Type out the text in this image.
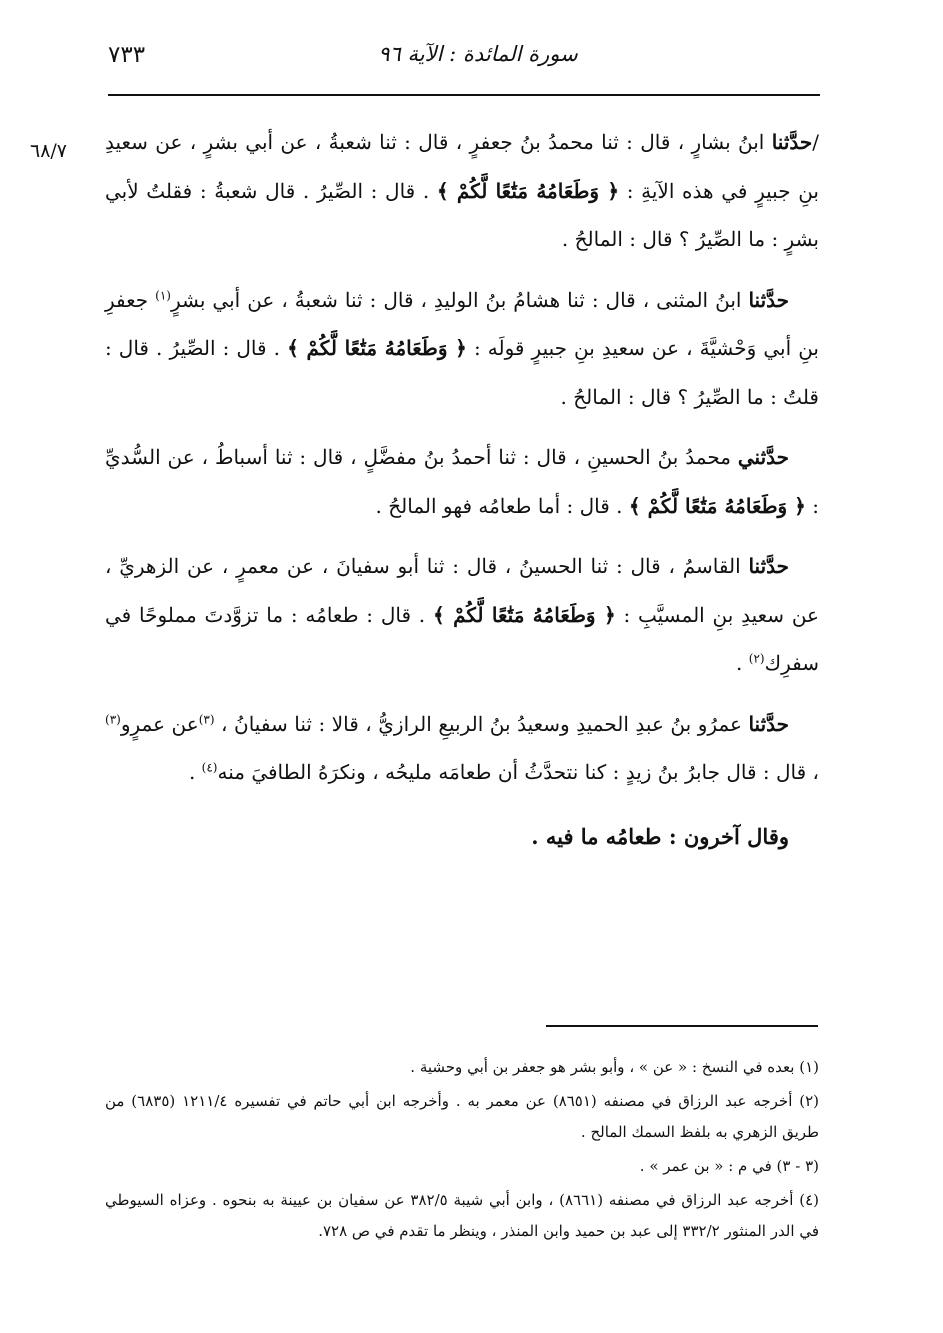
٧٣٣	سورة المائدة : الآية ٩٦
٦٨/٧	/حدَّثنا ابنُ بشارٍ ، قال : ثنا محمدُ بنُ جعفرٍ ، قال : ثنا شعبةُ ، عن أبي بشرٍ ، عن سعيدِ بنِ جبيرٍ في هذه الآيةِ : ﴿ وَطَعَامُهُ مَتَٰعًا لَّكُمْ ﴾ . قال : الصِّيرُ . قال شعبةُ : فقلتُ لأبي بشرٍ : ما الصِّيرُ ؟ قال : المالحُ .

حدَّثنا ابنُ المثنى ، قال : ثنا هشامُ بنُ الوليدِ ، قال : ثنا شعبةُ ، عن أبي بشرٍ$^{(١)}$ جعفرِ بنِ أبي وَحْشيَّةَ ، عن سعيدِ بنِ جبيرٍ قولَه : ﴿ وَطَعَامُهُ مَتَٰعًا لَّكُمْ ﴾ . قال : الصِّيرُ . قال : قلتُ : ما الصِّيرُ ؟ قال : المالحُ .

حدَّثني محمدُ بنُ الحسينِ ، قال : ثنا أحمدُ بنُ مفضَّلٍ ، قال : ثنا أسباطُ ، عن السُّديِّ : ﴿ وَطَعَامُهُ مَتَٰعًا لَّكُمْ ﴾ . قال : أما طعامُه فهو المالحُ .

حدَّثنا القاسمُ ، قال : ثنا الحسينُ ، قال : ثنا أبو سفيانَ ، عن معمرٍ ، عن الزهريِّ ، عن سعيدِ بنِ المسيَّبِ : ﴿ وَطَعَامُهُ مَتَٰعًا لَّكُمْ ﴾ . قال : طعامُه : ما تزوَّدتَ مملوحًا في سفرِك$^{(٢)}$ .

حدَّثنا عمرُو بنُ عبدِ الحميدِ وسعيدُ بنُ الربيعِ الرازيُّ ، قالا : ثنا سفيانُ ، $^{(٣)}$عن عمرٍو$^{(٣)}$ ، قال : قال جابرُ بنُ زيدٍ : كنا نتحدَّثُ أن طعامَه مليحُه ، ونكرَهُ الطافيَ منه$^{(٤)}$ .

وقال آخرون : طعامُه ما فيه .

(١) بعده في النسخ : « عن » ، وأبو بشر هو جعفر بن أبي وحشية .

(٢) أخرجه عبد الرزاق في مصنفه (٨٦٥١) عن معمر به . وأخرجه ابن أبي حاتم في تفسيره ١٢١١/٤ (٦٨٣٥) من طريق الزهري به بلفظ السمك المالح .

(٣ - ٣) في م : « بن عمر » .

(٤) أخرجه عبد الرزاق في مصنفه (٨٦٦١) ، وابن أبي شيبة ٣٨٢/٥ عن سفيان بن عيينة به بنحوه . وعزاه السيوطي في الدر المنثور ٣٣٢/٢ إلى عبد بن حميد وابن المنذر ، وينظر ما تقدم في ص ٧٢٨.
